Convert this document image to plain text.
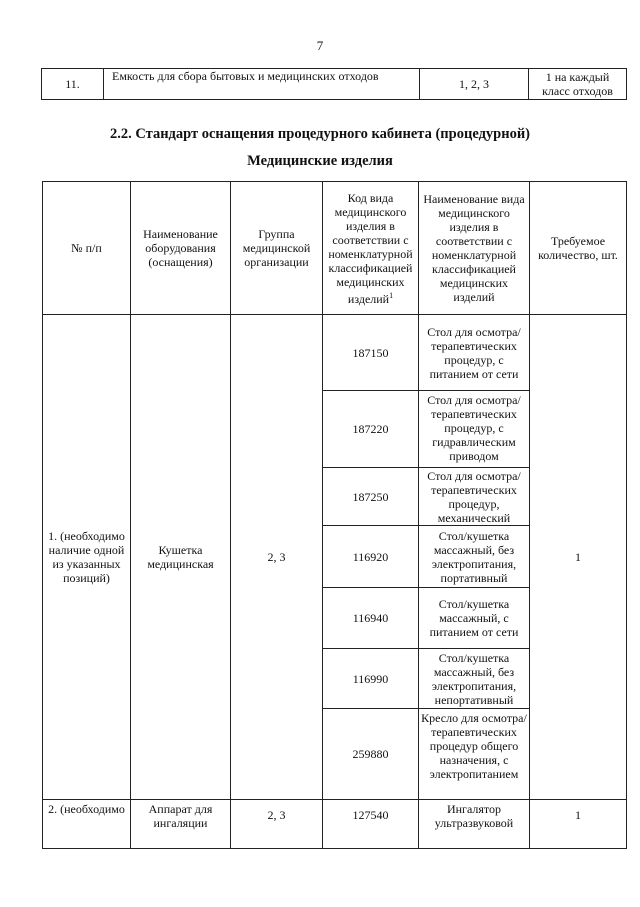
7
11.	Емкость для сбора бытовых и медицинских отходов	1, 2, 3	1 на каждый класс отходов
2.2. Стандарт оснащения процедурного кабинета (процедурной)
Медицинские изделия
№ п/п	Наименование оборудования (оснащения)	Группа медицинской организации	Код вида медицинского изделия в соответствии с номенклатурной классификацией медицинских изделий$^1$	Наименование вида медицинского изделия в соответствии с номенклатурной классификацией медицинских изделий	Требуемое количество, шт.
1. (необходимо наличие одной из указанных позиций)	Кушетка медицинская	2, 3	187150	Стол для осмотра/ терапевтических процедур, с питанием от сети	1
			187220	Стол для осмотра/ терапевтических процедур, с гидравлическим приводом	
			187250	Стол для осмотра/ терапевтических процедур, механический	
			116920	Стол/кушетка массажный, без электропитания, портативный	
			116940	Стол/кушетка массажный, с питанием от сети	
			116990	Стол/кушетка массажный, без электропитания, непортативный	
			259880	Кресло для осмотра/ терапевтических процедур общего назначения, с электропитанием	
2. (необходимо	Аппарат для ингаляции	2, 3	127540	Ингалятор ультразвуковой	1
